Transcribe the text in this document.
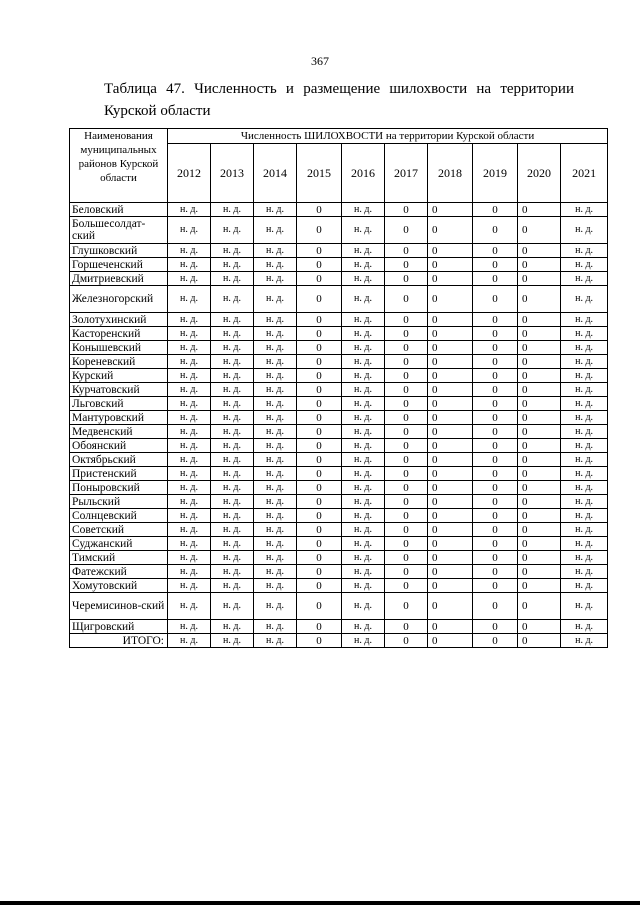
367
Таблица 47. Численность и размещение шилохвости на территории
Курской области
Наименования муниципальных районов Курской области	Численность ШИЛОХВОСТИ на территории Курской области									
	2012	2013	2014	2015	2016	2017	2018	2019	2020	2021
Беловский	н. д.	н. д.	н. д.	0	н. д.	0	0	0	0	н. д.
Большесолдат-ский	н. д.	н. д.	н. д.	0	н. д.	0	0	0	0	н. д.
Глушковский	н. д.	н. д.	н. д.	0	н. д.	0	0	0	0	н. д.
Горшеченский	н. д.	н. д.	н. д.	0	н. д.	0	0	0	0	н. д.
Дмитриевский	н. д.	н. д.	н. д.	0	н. д.	0	0	0	0	н. д.
Железногорский	н. д.	н. д.	н. д.	0	н. д.	0	0	0	0	н. д.
Золотухинский	н. д.	н. д.	н. д.	0	н. д.	0	0	0	0	н. д.
Касторенский	н. д.	н. д.	н. д.	0	н. д.	0	0	0	0	н. д.
Конышевский	н. д.	н. д.	н. д.	0	н. д.	0	0	0	0	н. д.
Кореневский	н. д.	н. д.	н. д.	0	н. д.	0	0	0	0	н. д.
Курский	н. д.	н. д.	н. д.	0	н. д.	0	0	0	0	н. д.
Курчатовский	н. д.	н. д.	н. д.	0	н. д.	0	0	0	0	н. д.
Льговский	н. д.	н. д.	н. д.	0	н. д.	0	0	0	0	н. д.
Мантуровский	н. д.	н. д.	н. д.	0	н. д.	0	0	0	0	н. д.
Медвенский	н. д.	н. д.	н. д.	0	н. д.	0	0	0	0	н. д.
Обоянский	н. д.	н. д.	н. д.	0	н. д.	0	0	0	0	н. д.
Октябрьский	н. д.	н. д.	н. д.	0	н. д.	0	0	0	0	н. д.
Пристенский	н. д.	н. д.	н. д.	0	н. д.	0	0	0	0	н. д.
Поныровский	н. д.	н. д.	н. д.	0	н. д.	0	0	0	0	н. д.
Рыльский	н. д.	н. д.	н. д.	0	н. д.	0	0	0	0	н. д.
Солнцевский	н. д.	н. д.	н. д.	0	н. д.	0	0	0	0	н. д.
Советский	н. д.	н. д.	н. д.	0	н. д.	0	0	0	0	н. д.
Суджанский	н. д.	н. д.	н. д.	0	н. д.	0	0	0	0	н. д.
Тимский	н. д.	н. д.	н. д.	0	н. д.	0	0	0	0	н. д.
Фатежский	н. д.	н. д.	н. д.	0	н. д.	0	0	0	0	н. д.
Хомутовский	н. д.	н. д.	н. д.	0	н. д.	0	0	0	0	н. д.
Черемисинов-ский	н. д.	н. д.	н. д.	0	н. д.	0	0	0	0	н. д.
Щигровский	н. д.	н. д.	н. д.	0	н. д.	0	0	0	0	н. д.
ИТОГО:	н. д.	н. д.	н. д.	0	н. д.	0	0	0	0	н. д.
